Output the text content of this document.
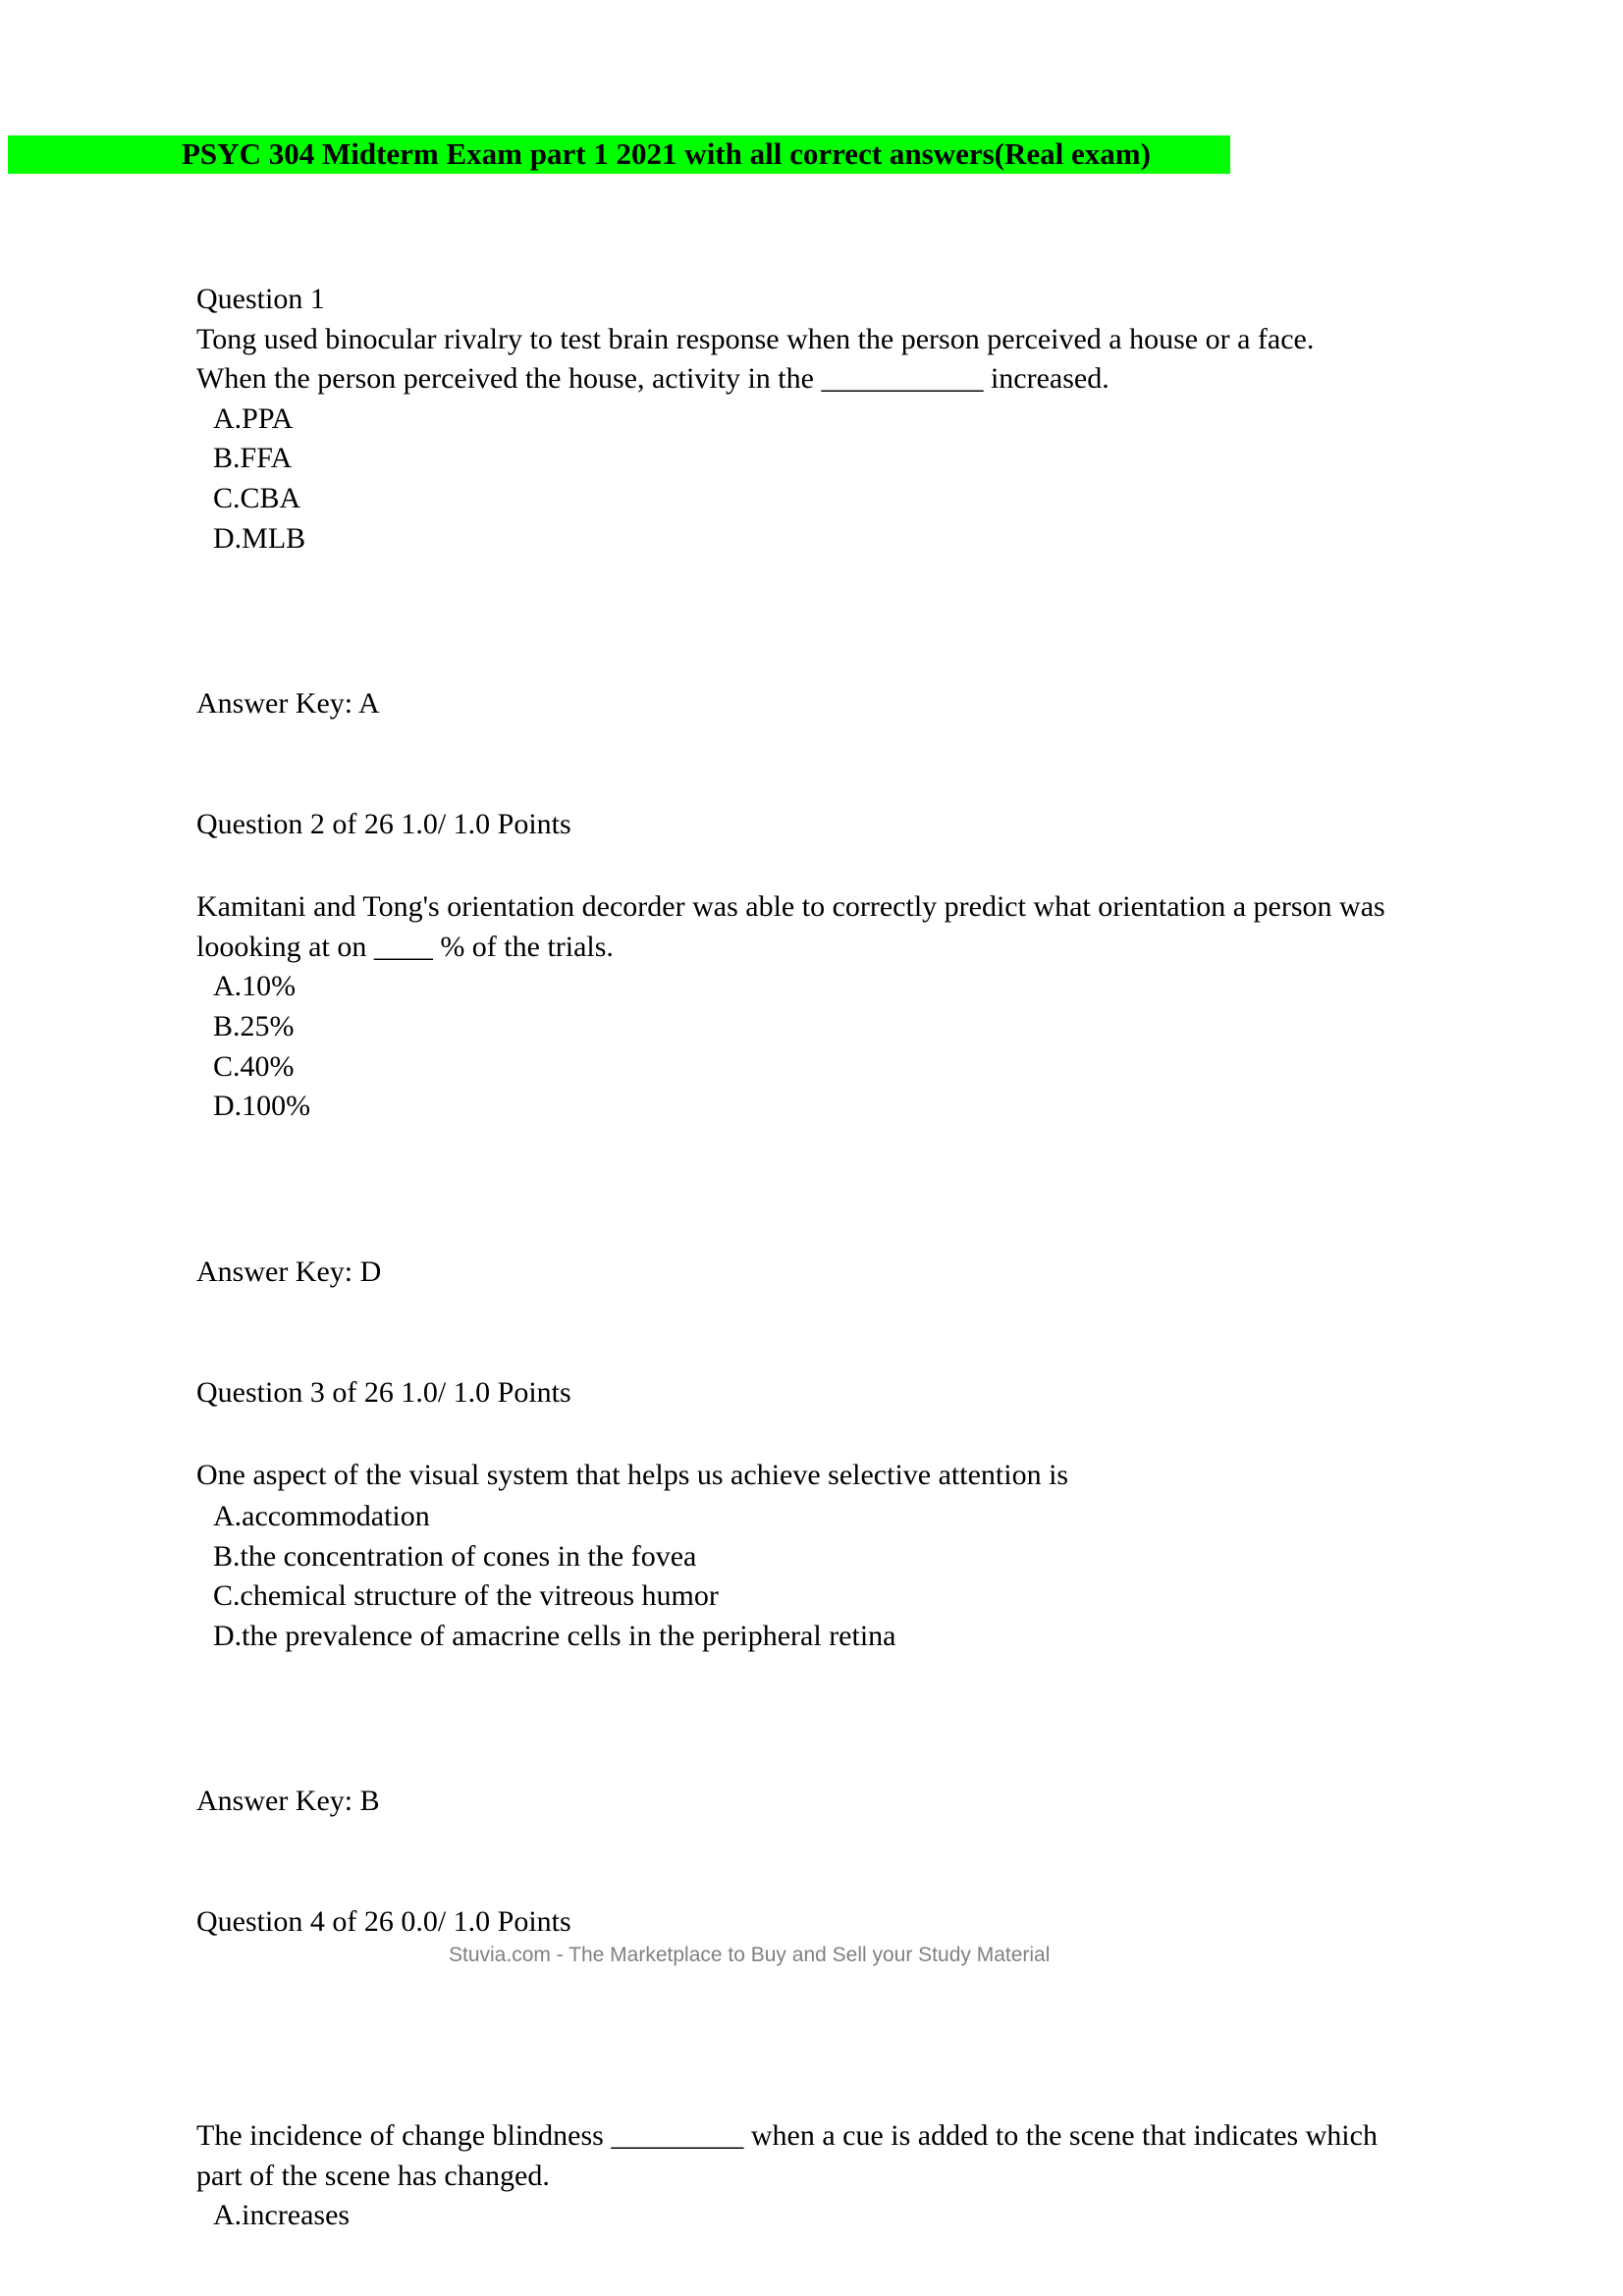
PSYC 304 Midterm Exam part 1 2021 with all correct answers(Real exam)
Question 1
Tong used binocular rivalry to test brain response when the person perceived a house or a face.
When the person perceived the house, activity in the ___________ increased.
A.PPA
B.FFA
C.CBA
D.MLB
Answer Key: A
Question 2 of 26 1.0/ 1.0 Points
Kamitani and Tong's orientation decorder was able to correctly predict what orientation a person was
loooking at on ____ % of the trials.
A.10%
B.25%
C.40%
D.100%
Answer Key: D
Question 3 of 26 1.0/ 1.0 Points
One aspect of the visual system that helps us achieve selective attention is
A.accommodation
B.the concentration of cones in the fovea
C.chemical structure of the vitreous humor
D.the prevalence of amacrine cells in the peripheral retina
Answer Key: B
Question 4 of 26 0.0/ 1.0 Points
Stuvia.com - The Marketplace to Buy and Sell your Study Material
The incidence of change blindness _________ when a cue is added to the scene that indicates which
part of the scene has changed.
A.increases
